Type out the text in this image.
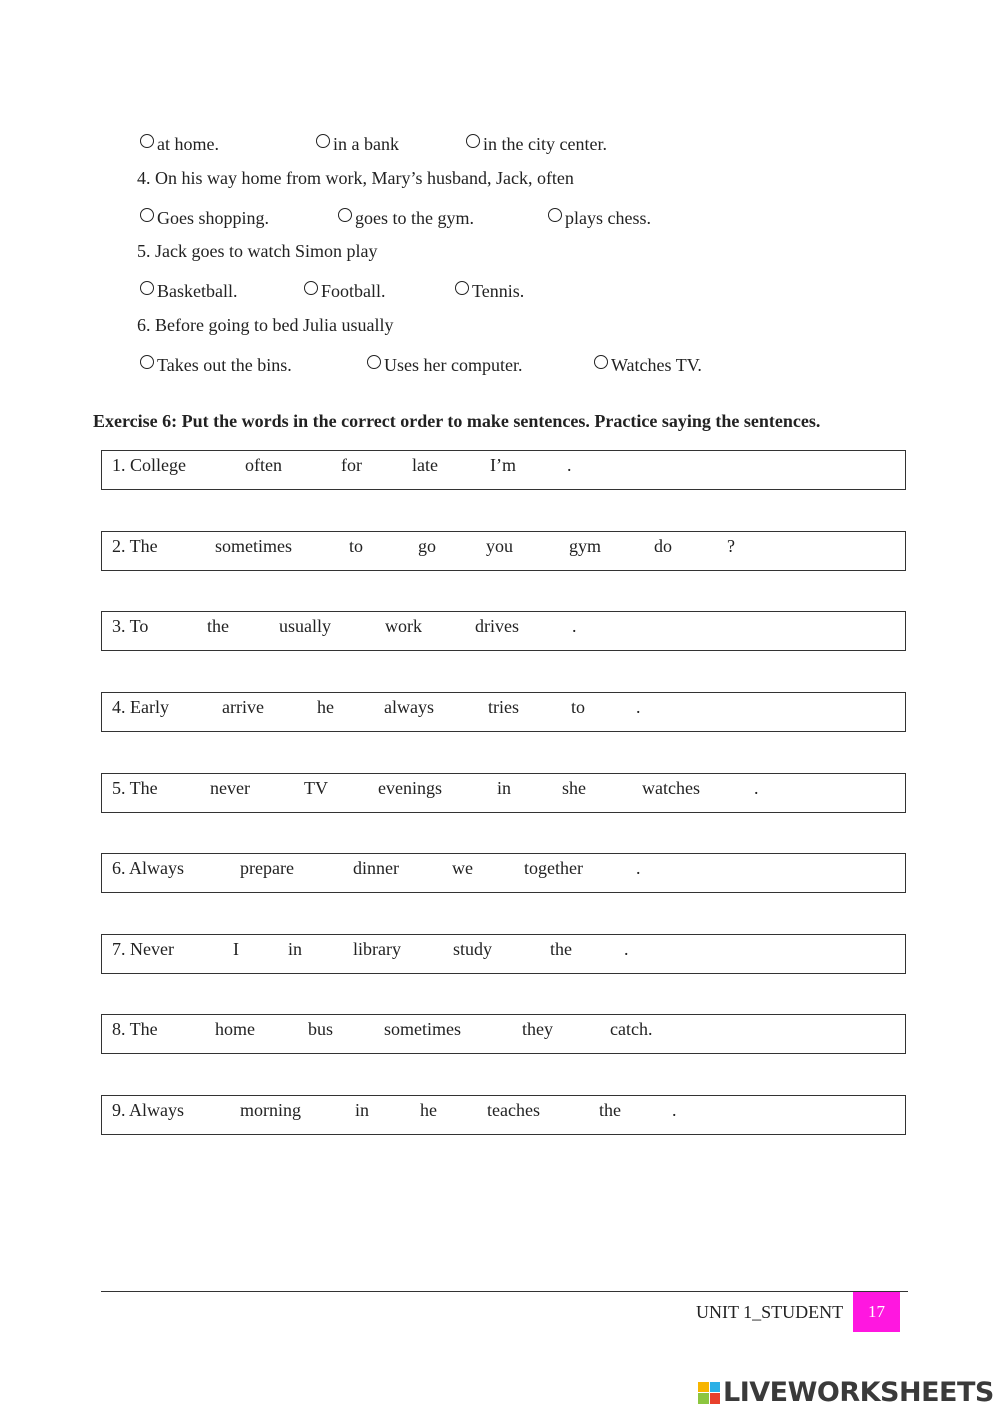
at home.	in a bank	in the city center.
4. On his way home from work, Mary’s husband, Jack, often
Goes shopping.	goes to the gym.	plays chess.
5. Jack goes to watch Simon play
Basketball.	Football.	Tennis.
6. Before going to bed Julia usually
Takes out the bins.	Uses her computer.	Watches TV.
Exercise 6: Put the words in the correct order to make sentences. Practice saying the sentences.
1. College	often	for	late	I’m	.
2. The	sometimes	to	go	you	gym	do	?
3. To	the	usually	work	drives	.
4. Early	arrive	he	always	tries	to	.
5. The	never	TV	evenings	in	she	watches	.
6. Always	prepare	dinner	we	together	.
7. Never	I	in	library	study	the	.
8. The	home	bus	sometimes	they	catch.
9. Always	morning	in	he	teaches	the	.
UNIT 1_STUDENT	17
LIVEWORKSHEETS
